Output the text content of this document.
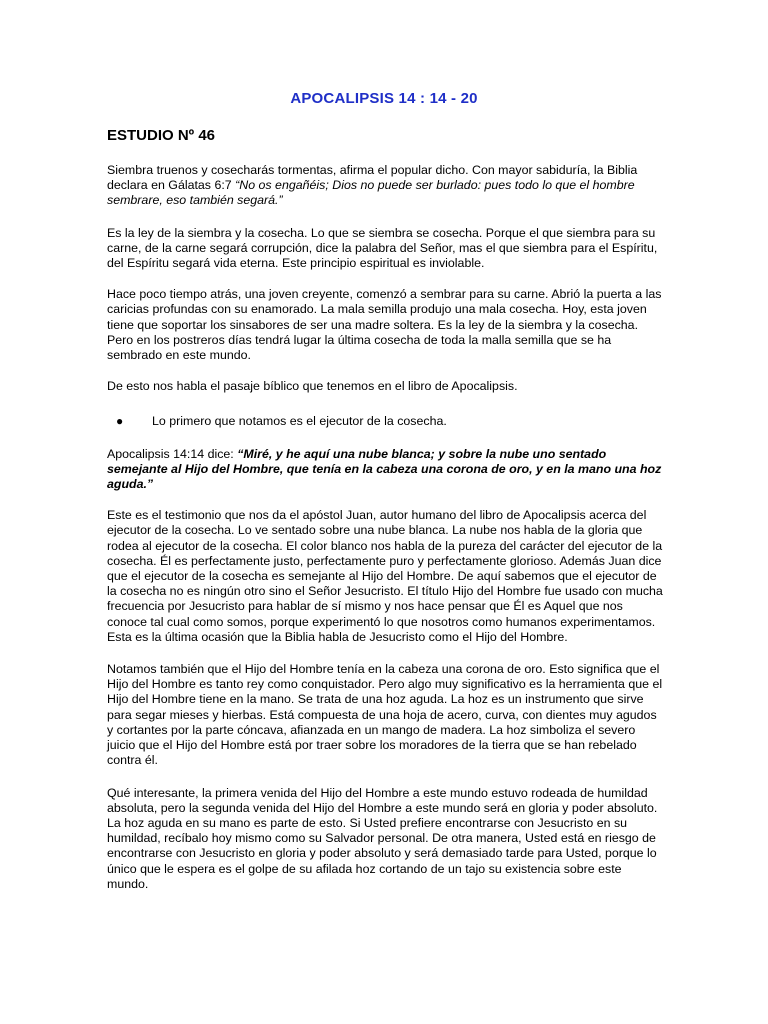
APOCALIPSIS 14 : 14 - 20
ESTUDIO Nº 46

Siembra truenos y cosecharás tormentas, afirma el popular dicho. Con mayor sabiduría, la Biblia declara en Gálatas 6:7 “No os engañéis; Dios no puede ser burlado: pues todo lo que el hombre sembrare, eso también segará.”

Es la ley de la siembra y la cosecha. Lo que se siembra se cosecha. Porque el que siembra para su carne, de la carne segará corrupción, dice la palabra del Señor, mas el que siembra para el Espíritu, del Espíritu segará vida eterna. Este principio espiritual es inviolable.

Hace poco tiempo atrás, una joven creyente, comenzó a sembrar para su carne. Abrió la puerta a las caricias profundas con su enamorado. La mala semilla produjo una mala cosecha. Hoy, esta joven tiene que soportar los sinsabores de ser una madre soltera. Es la ley de la siembra y la cosecha. Pero en los postreros días tendrá lugar la última cosecha de toda la malla semilla que se ha sembrado en este mundo.

De esto nos habla el pasaje bíblico que tenemos en el libro de Apocalipsis.

●	Lo primero que notamos es el ejecutor de la cosecha.

Apocalipsis 14:14 dice: “Miré, y he aquí una nube blanca; y sobre la nube uno sentado semejante al Hijo del Hombre, que tenía en la cabeza una corona de oro, y en la mano una hoz aguda.”

Este es el testimonio que nos da el apóstol Juan, autor humano del libro de Apocalipsis acerca del ejecutor de la cosecha. Lo ve sentado sobre una nube blanca. La nube nos habla de la gloria que rodea al ejecutor de la cosecha. El color blanco nos habla de la pureza del carácter del ejecutor de la cosecha. Él es perfectamente justo, perfectamente puro y perfectamente glorioso. Además Juan dice que el ejecutor de la cosecha es semejante al Hijo del Hombre. De aquí sabemos que el ejecutor de la cosecha no es ningún otro sino el Señor Jesucristo. El título Hijo del Hombre fue usado con mucha frecuencia por Jesucristo para hablar de sí mismo y nos hace pensar que Él es Aquel que nos conoce tal cual como somos, porque experimentó lo que nosotros como humanos experimentamos. Esta es la última ocasión que la Biblia habla de Jesucristo como el Hijo del Hombre.

Notamos también que el Hijo del Hombre tenía en la cabeza una corona de oro. Esto significa que el Hijo del Hombre es tanto rey como conquistador. Pero algo muy significativo es la herramienta que el Hijo del Hombre tiene en la mano. Se trata de una hoz aguda. La hoz es un instrumento que sirve para segar mieses y hierbas. Está compuesta de una hoja de acero, curva, con dientes muy agudos y cortantes por la parte cóncava, afianzada en un mango de madera. La hoz simboliza el severo juicio que el Hijo del Hombre está por traer sobre los moradores de la tierra que se han rebelado contra él.

Qué interesante, la primera venida del Hijo del Hombre a este mundo estuvo rodeada de humildad absoluta, pero la segunda venida del Hijo del Hombre a este mundo será en gloria y poder absoluto. La hoz aguda en su mano es parte de esto. Si Usted prefiere encontrarse con Jesucristo en su humildad, recíbalo hoy mismo como su Salvador personal. De otra manera, Usted está en riesgo de encontrarse con Jesucristo en gloria y poder absoluto y será demasiado tarde para Usted, porque lo único que le espera es el golpe de su afilada hoz cortando de un tajo su existencia sobre este mundo.
